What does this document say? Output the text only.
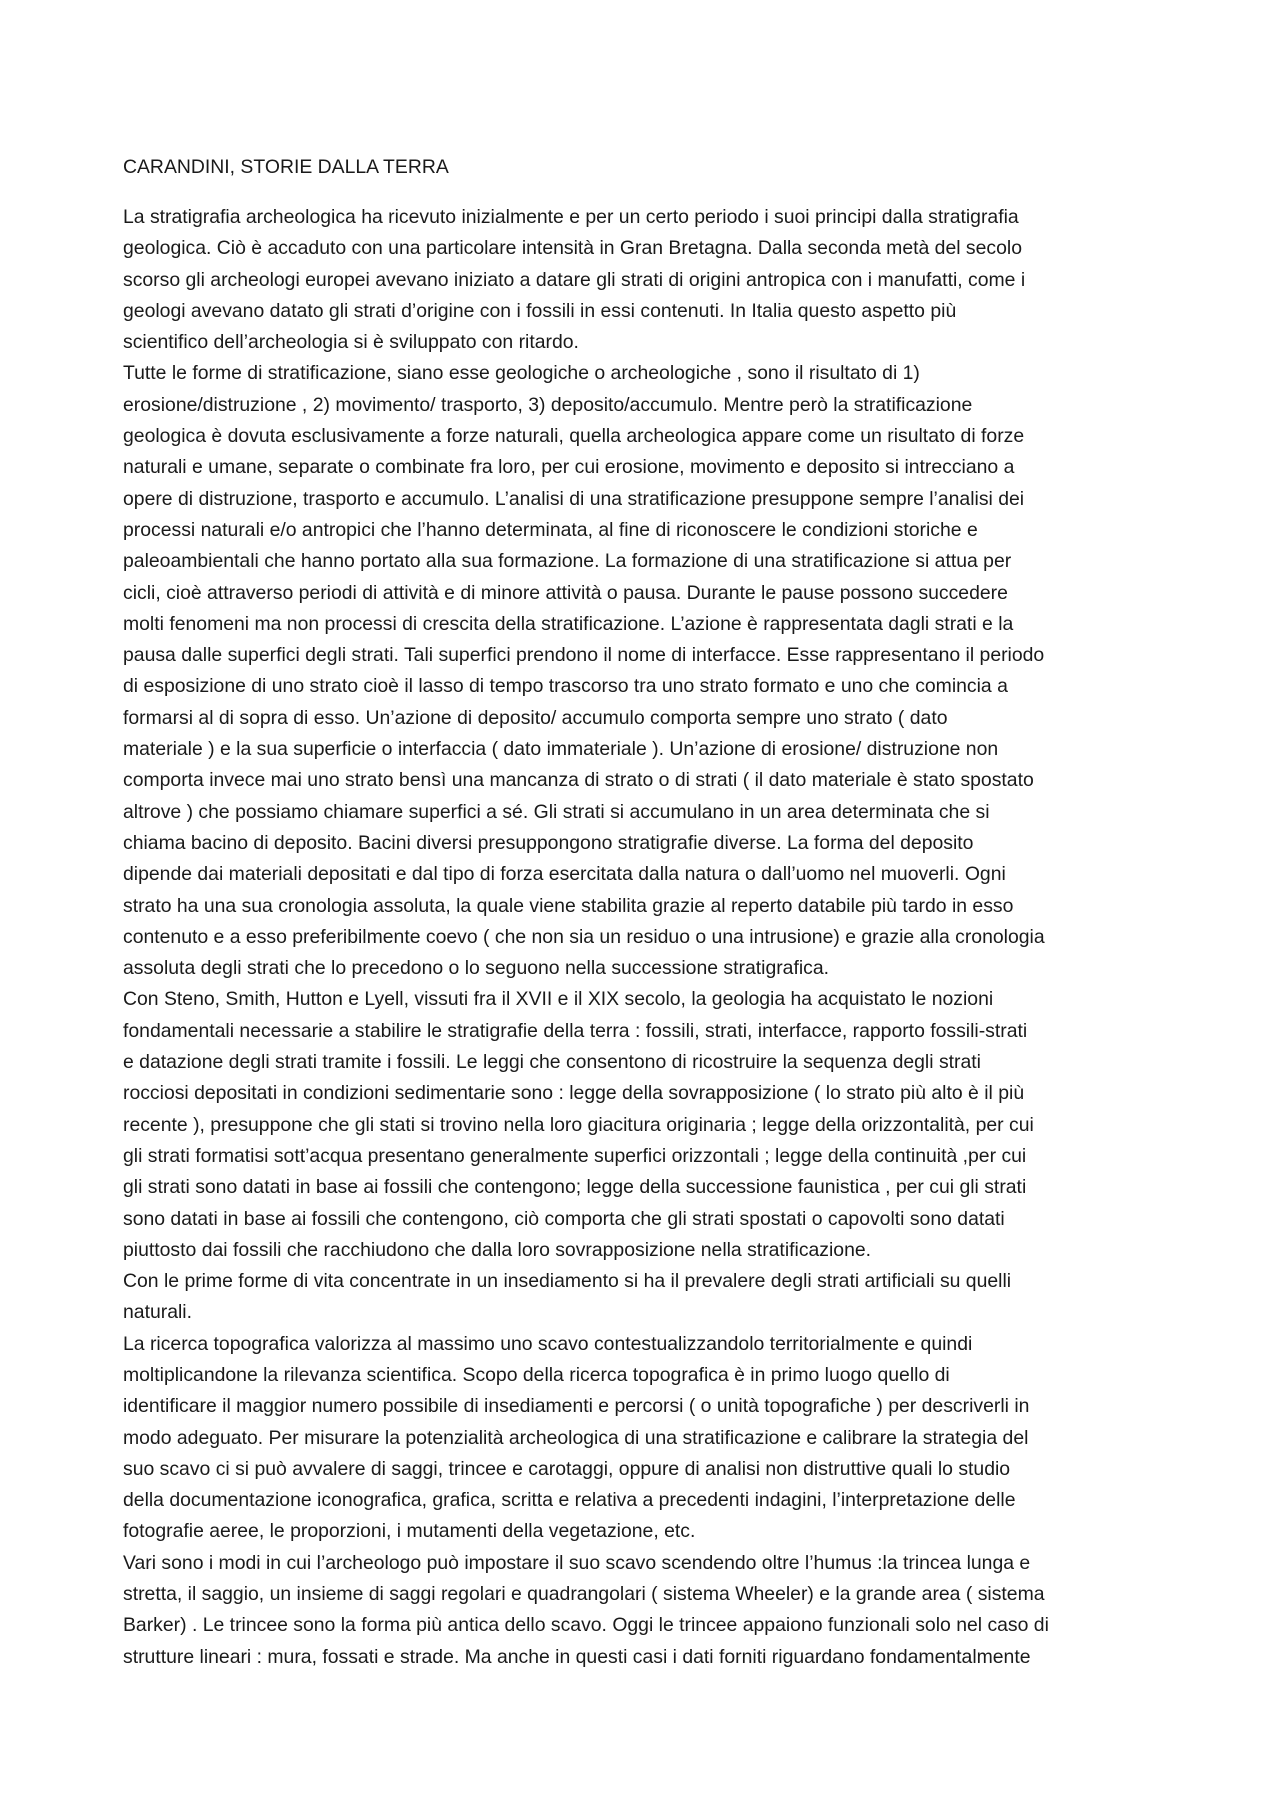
CARANDINI, STORIE DALLA TERRA
La stratigrafia archeologica ha ricevuto inizialmente e per un certo periodo i suoi principi dalla stratigrafia
geologica. Ciò è accaduto con una particolare intensità in Gran Bretagna. Dalla seconda metà del secolo
scorso gli archeologi europei avevano iniziato a datare gli strati di origini antropica con i manufatti, come i
geologi avevano datato gli strati d’origine con i fossili in essi contenuti. In Italia questo aspetto più
scientifico dell’archeologia si è sviluppato con ritardo.
Tutte le forme di stratificazione, siano esse geologiche o archeologiche , sono il risultato di 1)
erosione/distruzione , 2) movimento/ trasporto, 3) deposito/accumulo. Mentre però la stratificazione
geologica è dovuta esclusivamente a forze naturali, quella archeologica appare come un risultato di forze
naturali e umane, separate o combinate fra loro, per cui erosione, movimento e deposito si intrecciano a
opere di distruzione, trasporto e accumulo. L’analisi di una stratificazione presuppone sempre l’analisi dei
processi naturali e/o antropici che l’hanno determinata, al fine di riconoscere le condizioni storiche e
paleoambientali che hanno portato alla sua formazione. La formazione di una stratificazione si attua per
cicli, cioè attraverso periodi di attività e di minore attività o pausa. Durante le pause possono succedere
molti fenomeni ma non processi di crescita della stratificazione. L’azione è rappresentata dagli strati e la
pausa dalle superfici degli strati. Tali superfici prendono il nome di interfacce. Esse rappresentano il periodo
di esposizione di uno strato cioè il lasso di tempo trascorso tra uno strato formato e uno che comincia a
formarsi al di sopra di esso. Un’azione di deposito/ accumulo comporta sempre uno strato ( dato
materiale ) e la sua superficie o interfaccia ( dato immateriale ). Un’azione di erosione/ distruzione non
comporta invece mai uno strato bensì una mancanza di strato o di strati ( il dato materiale è stato spostato
altrove ) che possiamo chiamare superfici a sé. Gli strati si accumulano in un area determinata che si
chiama bacino di deposito. Bacini diversi presuppongono stratigrafie diverse. La forma del deposito
dipende dai materiali depositati e dal tipo di forza esercitata dalla natura o dall’uomo nel muoverli. Ogni
strato ha una sua cronologia assoluta, la quale viene stabilita grazie al reperto databile più tardo in esso
contenuto e a esso preferibilmente coevo ( che non sia un residuo o una intrusione) e grazie alla cronologia
assoluta degli strati che lo precedono o lo seguono nella successione stratigrafica.
Con Steno, Smith, Hutton e Lyell, vissuti fra il XVII e il XIX secolo, la geologia ha acquistato le nozioni
fondamentali necessarie a stabilire le stratigrafie della terra : fossili, strati, interfacce, rapporto fossili-strati
e datazione degli strati tramite i fossili. Le leggi che consentono di ricostruire la sequenza degli strati
rocciosi depositati in condizioni sedimentarie sono : legge della sovrapposizione ( lo strato più alto è il più
recente ), presuppone che gli stati si trovino nella loro giacitura originaria ; legge della orizzontalità, per cui
gli strati formatisi sott’acqua presentano generalmente superfici orizzontali ; legge della continuità ,per cui
gli strati sono datati in base ai fossili che contengono; legge della successione faunistica , per cui gli strati
sono datati in base ai fossili che contengono, ciò comporta che gli strati spostati o capovolti sono datati
piuttosto dai fossili che racchiudono che dalla loro sovrapposizione nella stratificazione.
Con le prime forme di vita concentrate in un insediamento si ha il prevalere degli strati artificiali su quelli
naturali.
La ricerca topografica valorizza al massimo uno scavo contestualizzandolo territorialmente e quindi
moltiplicandone la rilevanza scientifica. Scopo della ricerca topografica è in primo luogo quello di
identificare il maggior numero possibile di insediamenti e percorsi ( o unità topografiche ) per descriverli in
modo adeguato. Per misurare la potenzialità archeologica di una stratificazione e calibrare la strategia del
suo scavo ci si può avvalere di saggi, trincee e carotaggi, oppure di analisi non distruttive quali lo studio
della documentazione iconografica, grafica, scritta e relativa a precedenti indagini, l’interpretazione delle
fotografie aeree, le proporzioni, i mutamenti della vegetazione, etc.
Vari sono i modi in cui l’archeologo può impostare il suo scavo scendendo oltre l’humus :la trincea lunga e
stretta, il saggio, un insieme di saggi regolari e quadrangolari ( sistema Wheeler) e la grande area ( sistema
Barker) . Le trincee sono la forma più antica dello scavo. Oggi le trincee appaiono funzionali solo nel caso di
strutture lineari : mura, fossati e strade. Ma anche in questi casi i dati forniti riguardano fondamentalmente
